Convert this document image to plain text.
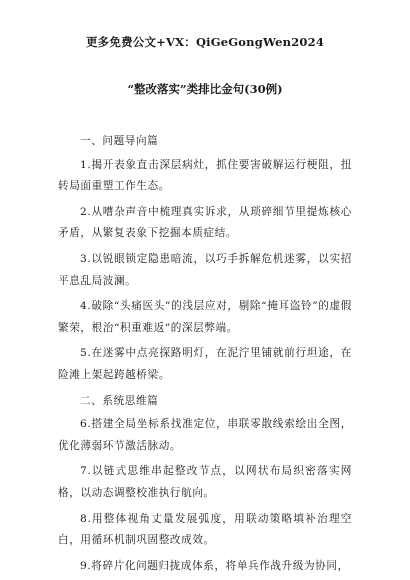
更多免费公文+VX：QiGeGongWen2024
“整改落实”类排比金句(30例)
一、问题导向篇

1.揭开表象直击深层病灶，抓住要害破解运行梗阻，扭转局面重塑工作生态。

2.从嘈杂声音中梳理真实诉求，从琐碎细节里提炼核心矛盾，从繁复表象下挖掘本质症结。

3.以锐眼锁定隐患暗流，以巧手拆解危机迷雾，以实招平息乱局波澜。

4.破除“头痛医头”的浅层应对，剔除“掩耳盗铃”的虚假繁荣，根治“积重难返”的深层弊端。

5.在迷雾中点亮探路明灯，在泥泞里铺就前行坦途，在险滩上架起跨越桥梁。

二、系统思维篇

6.搭建全局坐标系找准定位，串联零散线索绘出全图，优化薄弱环节激活脉动。

7.以链式思维串起整改节点，以网状布局织密落实网格，以动态调整校准执行航向。

8.用整体视角丈量发展弧度，用联动策略填补治理空白，用循环机制巩固整改成效。

9.将碎片化问题归拢成体系，将单兵作战升级为协同，
